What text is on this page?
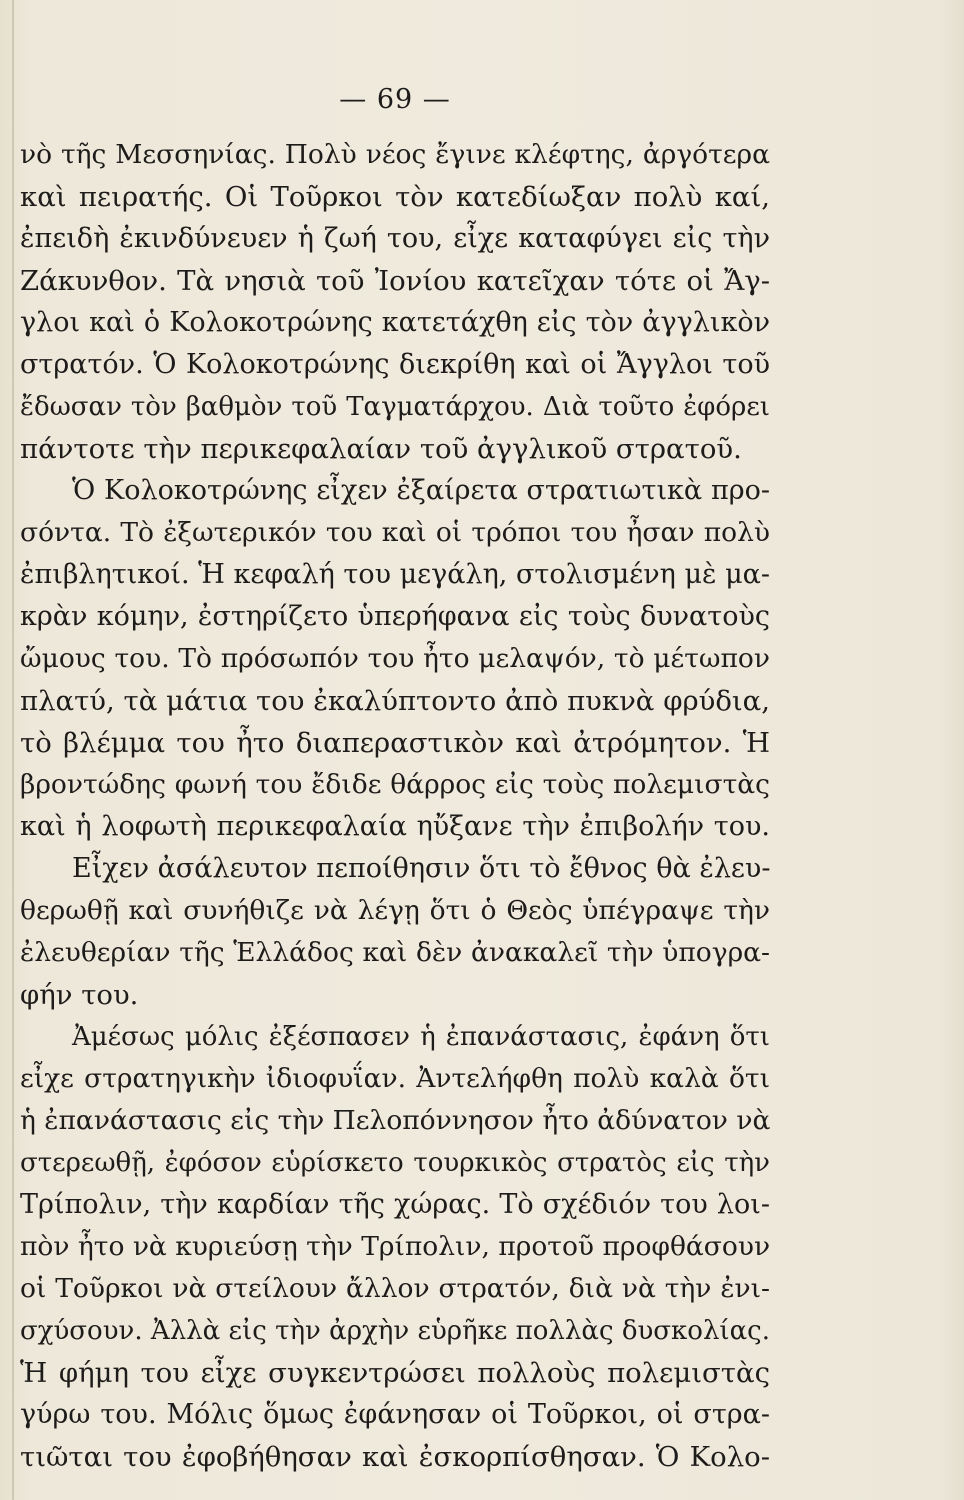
— 69 —
νὸ τῆς Μεσσηνίας. Πολὺ νέος ἔγινε κλέφτης, ἀργότερα
καὶ πειρατής. Οἱ Τοῦρκοι τὸν κατεδίωξαν πολὺ καί,
ἐπειδὴ ἐκινδύνευεν ἡ ζωή του, εἶχε καταφύγει εἰς τὴν
Ζάκυνθον. Τὰ νησιὰ τοῦ Ἰονίου κατεῖχαν τότε οἱ Ἄγ-
γλοι καὶ ὁ Κολοκοτρώνης κατετάχθη εἰς τὸν ἀγγλικὸν
στρατόν. Ὁ Κολοκοτρώνης διεκρίθη καὶ οἱ Ἄγγλοι τοῦ
ἔδωσαν τὸν βαθμὸν τοῦ Ταγματάρχου. Διὰ τοῦτο ἐφόρει
πάντοτε τὴν περικεφαλαίαν τοῦ ἀγγλικοῦ στρατοῦ.
Ὁ Κολοκοτρώνης εἶχεν ἐξαίρετα στρατιωτικὰ προ-
σόντα. Τὸ ἐξωτερικόν του καὶ οἱ τρόποι του ἦσαν πολὺ
ἐπιβλητικοί. Ἡ κεφαλή του μεγάλη, στολισμένη μὲ μα-
κρὰν κόμην, ἐστηρίζετο ὑπερήφανα εἰς τοὺς δυνατοὺς
ὤμους του. Τὸ πρόσωπόν του ἦτο μελαψόν, τὸ μέτωπον
πλατύ, τὰ μάτια του ἐκαλύπτοντο ἀπὸ πυκνὰ φρύδια,
τὸ βλέμμα του ἦτο διαπεραστικὸν καὶ ἀτρόμητον. Ἡ
βροντώδης φωνή του ἔδιδε θάρρος εἰς τοὺς πολεμιστὰς
καὶ ἡ λοφωτὴ περικεφαλαία ηὔξανε τὴν ἐπιβολήν του.
Εἶχεν ἀσάλευτον πεποίθησιν ὅτι τὸ ἔθνος θὰ ἐλευ-
θερωθῇ καὶ συνήθιζε νὰ λέγῃ ὅτι ὁ Θεὸς ὑπέγραψε τὴν
ἐλευθερίαν τῆς Ἑλλάδος καὶ δὲν ἀνακαλεῖ τὴν ὑπογρα-
φήν του.
Ἀμέσως μόλις ἐξέσπασεν ἡ ἐπανάστασις, ἐφάνη ὅτι
εἶχε στρατηγικὴν ἰδιοφυΐαν. Ἀντελήφθη πολὺ καλὰ ὅτι
ἡ ἐπανάστασις εἰς τὴν Πελοπόννησον ἦτο ἀδύνατον νὰ
στερεωθῇ, ἐφόσον εὑρίσκετο τουρκικὸς στρατὸς εἰς τὴν
Τρίπολιν, τὴν καρδίαν τῆς χώρας. Τὸ σχέδιόν του λοι-
πὸν ἦτο νὰ κυριεύσῃ τὴν Τρίπολιν, προτοῦ προφθάσουν
οἱ Τοῦρκοι νὰ στείλουν ἄλλον στρατόν, διὰ νὰ τὴν ἐνι-
σχύσουν. Ἀλλὰ εἰς τὴν ἀρχὴν εὑρῆκε πολλὰς δυσκολίας.
Ἡ φήμη του εἶχε συγκεντρώσει πολλοὺς πολεμιστὰς
γύρω του. Μόλις ὅμως ἐφάνησαν οἱ Τοῦρκοι, οἱ στρα-
τιῶται του ἐφοβήθησαν καὶ ἐσκορπίσθησαν. Ὁ Κολο-
